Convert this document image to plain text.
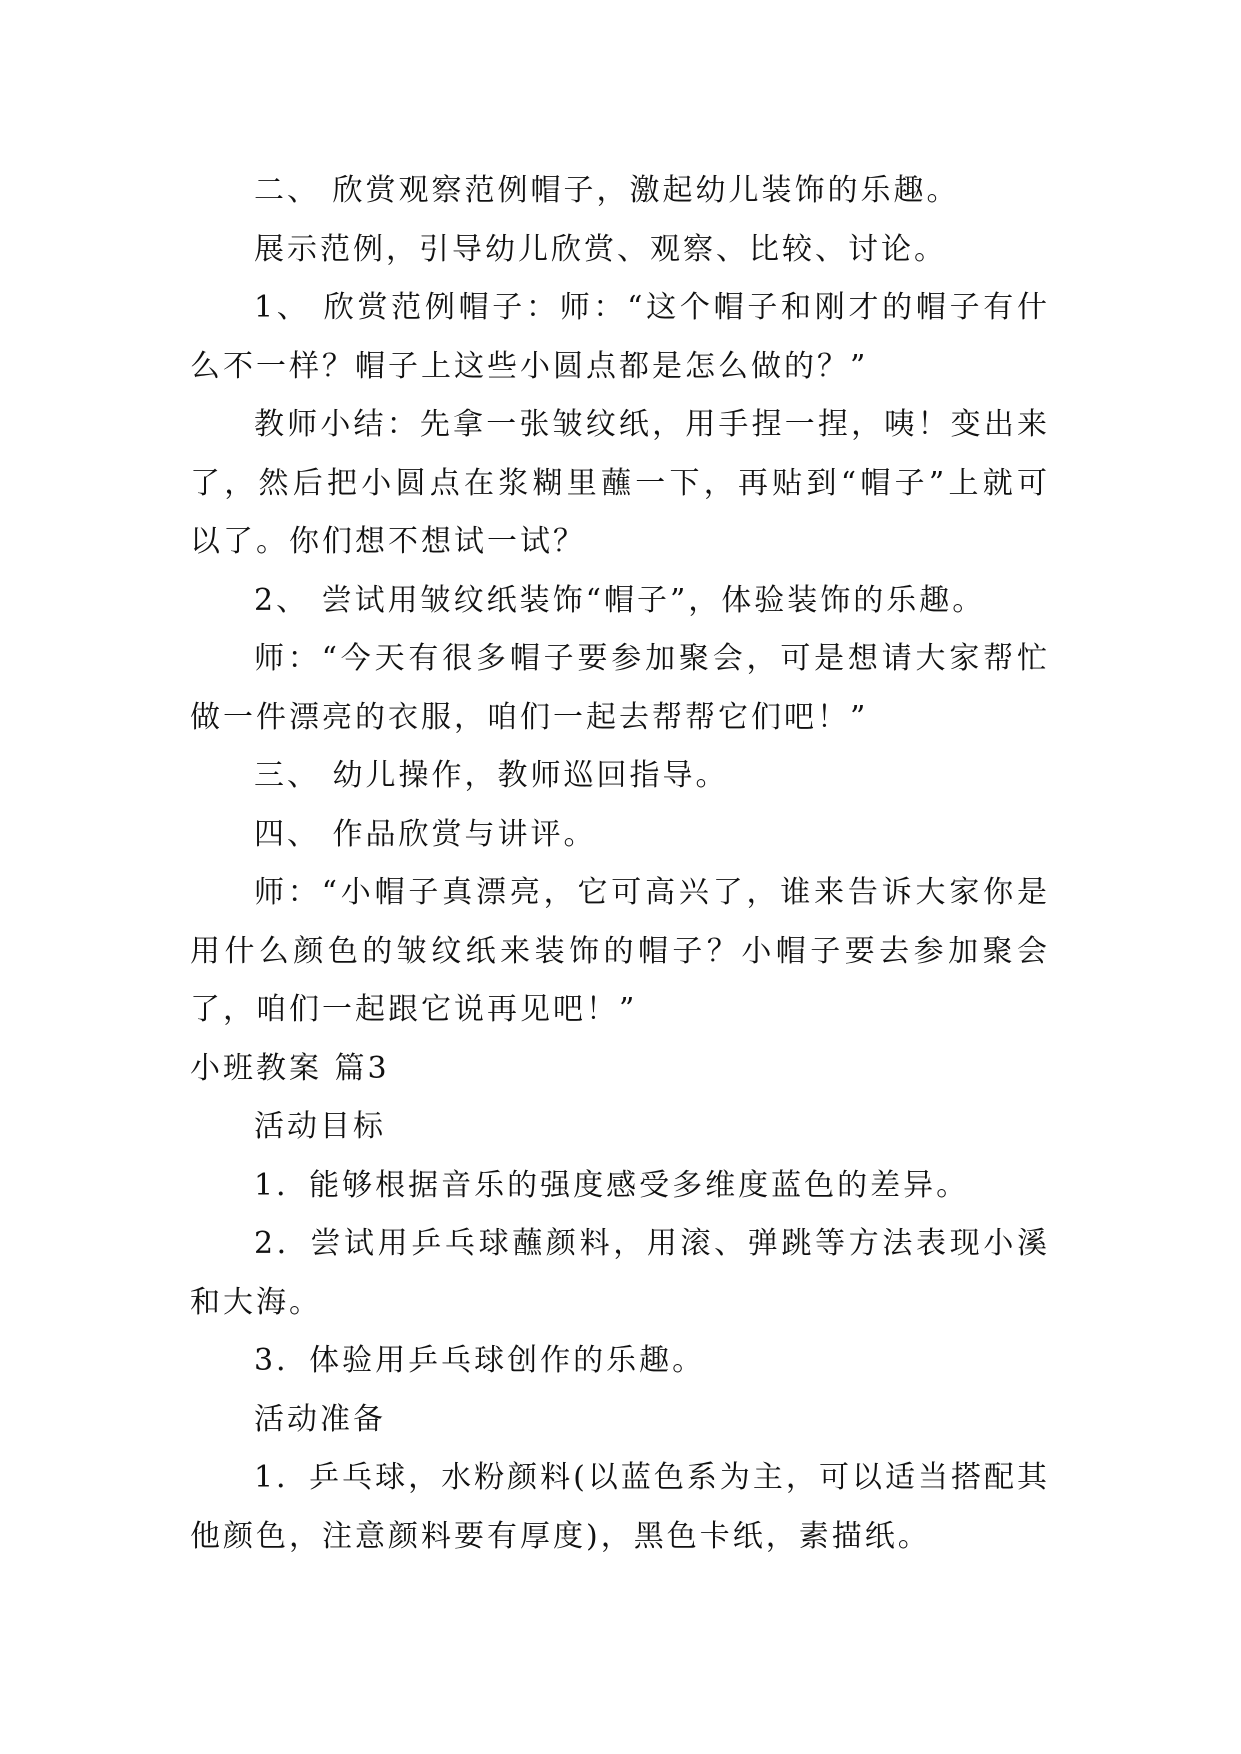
二、 欣赏观察范例帽子，激起幼儿装饰的乐趣。

展示范例，引导幼儿欣赏、观察、比较、讨论。

1、 欣赏范例帽子：师：“这个帽子和刚才的帽子有什么不一样？帽子上这些小圆点都是怎么做的？”

教师小结：先拿一张皱纹纸，用手捏一捏，咦！变出来了，然后把小圆点在浆糊里蘸一下，再贴到“帽子”上就可以了。你们想不想试一试？

2、 尝试用皱纹纸装饰“帽子”，体验装饰的乐趣。

师：“今天有很多帽子要参加聚会，可是想请大家帮忙做一件漂亮的衣服，咱们一起去帮帮它们吧！”

三、 幼儿操作，教师巡回指导。

四、 作品欣赏与讲评。

师：“小帽子真漂亮，它可高兴了，谁来告诉大家你是用什么颜色的皱纹纸来装饰的帽子？小帽子要去参加聚会了，咱们一起跟它说再见吧！”

小班教案 篇3

活动目标

1．能够根据音乐的强度感受多维度蓝色的差异。

2．尝试用乒乓球蘸颜料，用滚、弹跳等方法表现小溪和大海。

3．体验用乒乓球创作的乐趣。

活动准备

1．乒乓球，水粉颜料(以蓝色系为主，可以适当搭配其他颜色，注意颜料要有厚度)，黑色卡纸，素描纸。
